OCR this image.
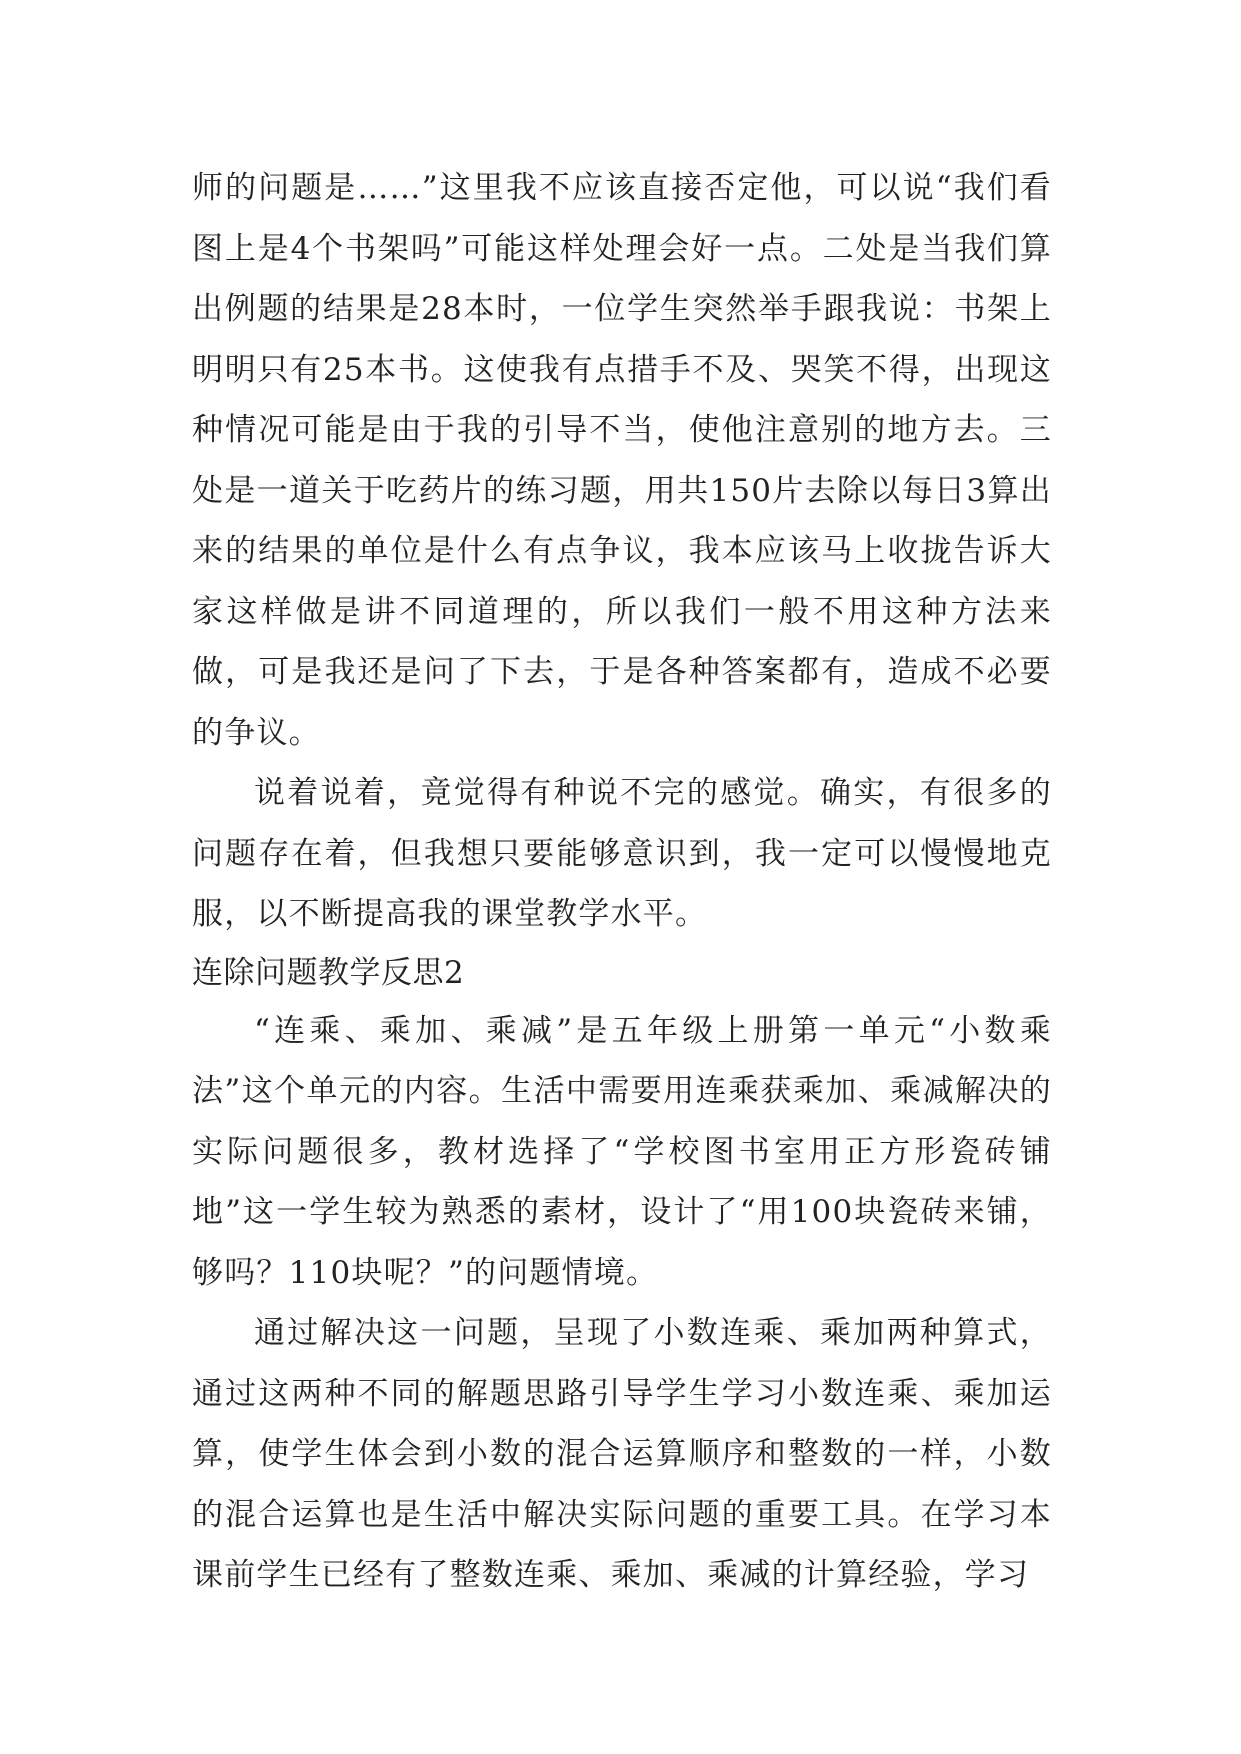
师的问题是……”这里我不应该直接否定他，可以说“我们看图上是4个书架吗”可能这样处理会好一点。二处是当我们算出例题的结果是28本时，一位学生突然举手跟我说：书架上明明只有25本书。这使我有点措手不及、哭笑不得，出现这种情况可能是由于我的引导不当，使他注意别的地方去。三处是一道关于吃药片的练习题，用共150片去除以每日3算出来的结果的单位是什么有点争议，我本应该马上收拢告诉大家这样做是讲不同道理的，所以我们一般不用这种方法来做，可是我还是问了下去，于是各种答案都有，造成不必要的争议。

说着说着，竟觉得有种说不完的感觉。确实，有很多的问题存在着，但我想只要能够意识到，我一定可以慢慢地克服，以不断提高我的课堂教学水平。

连除问题教学反思2

“连乘、乘加、乘减”是五年级上册第一单元“小数乘法”这个单元的内容。生活中需要用连乘获乘加、乘减解决的实际问题很多，教材选择了“学校图书室用正方形瓷砖铺地”这一学生较为熟悉的素材，设计了“用100块瓷砖来铺，够吗？110块呢？”的问题情境。

通过解决这一问题，呈现了小数连乘、乘加两种算式，通过这两种不同的解题思路引导学生学习小数连乘、乘加运算，使学生体会到小数的混合运算顺序和整数的一样，小数的混合运算也是生活中解决实际问题的重要工具。在学习本课前学生已经有了整数连乘、乘加、乘减的计算经验，学习
